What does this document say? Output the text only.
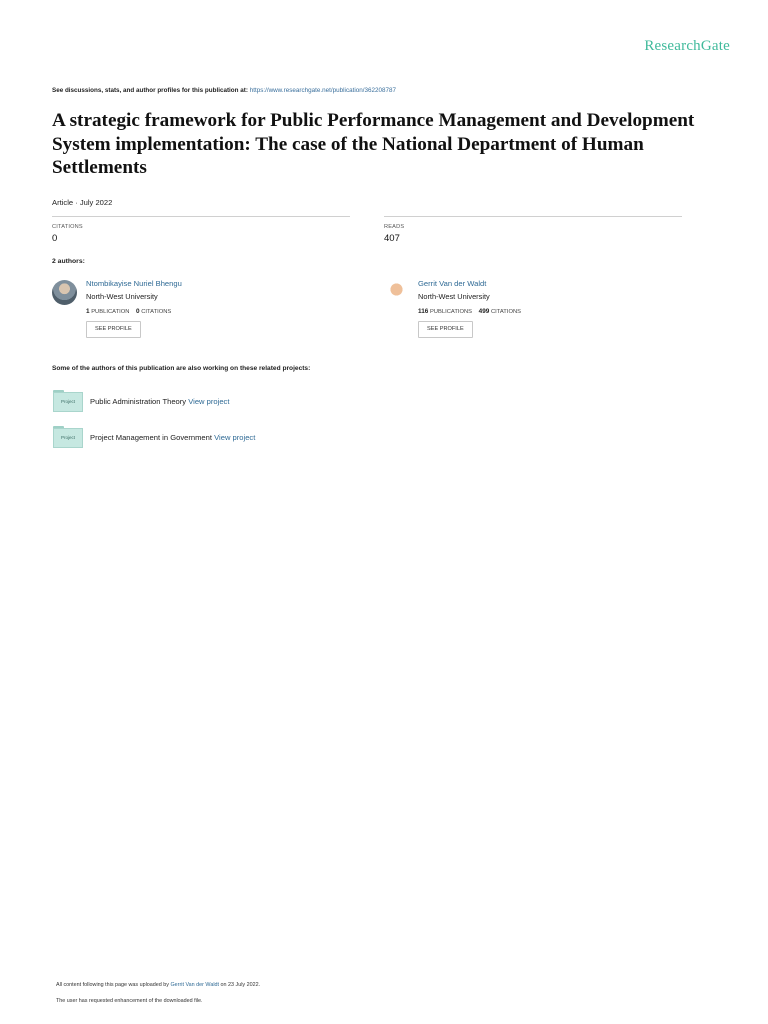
ResearchGate
See discussions, stats, and author profiles for this publication at: https://www.researchgate.net/publication/362208787
A strategic framework for Public Performance Management and Development System implementation: The case of the National Department of Human Settlements
Article · July 2022
CITATIONS
0
READS
407
2 authors:
Ntombikayise Nuriel Bhengu
North-West University
1 PUBLICATION 0 CITATIONS
SEE PROFILE
Gerrit Van der Waldt
North-West University
116 PUBLICATIONS 499 CITATIONS
SEE PROFILE
Some of the authors of this publication are also working on these related projects:
Project	Public Administration Theory View project
Project	Project Management in Government View project
All content following this page was uploaded by Gerrit Van der Waldt on 23 July 2022.
The user has requested enhancement of the downloaded file.
